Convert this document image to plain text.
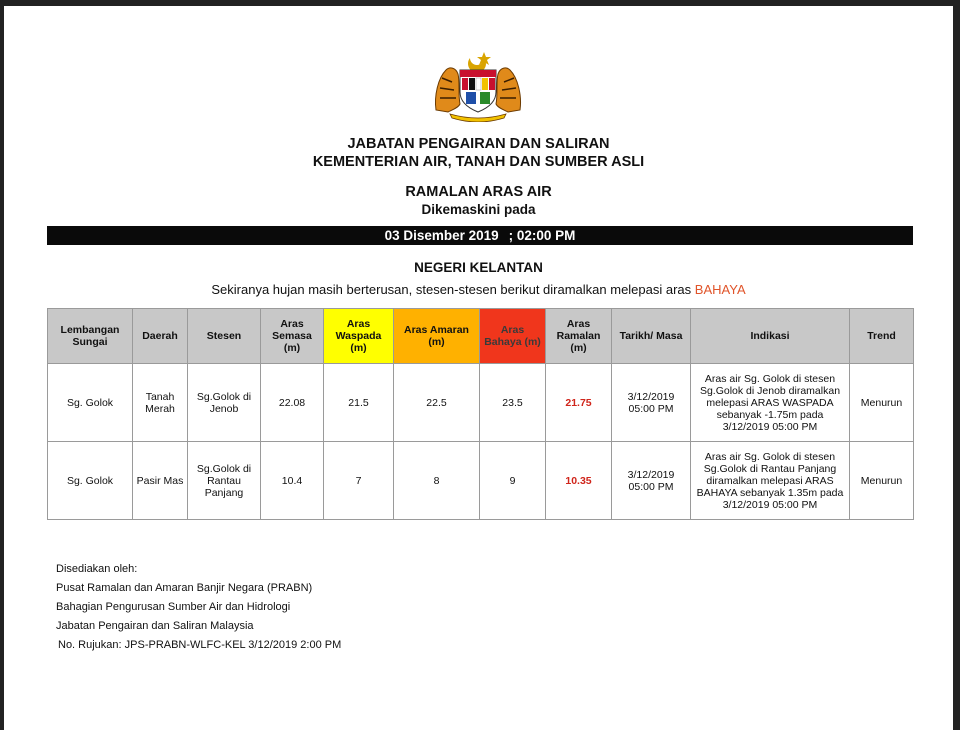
JABATAN PENGAIRAN DAN SALIRAN
KEMENTERIAN AIR, TANAH DAN SUMBER ASLI
RAMALAN ARAS AIR
Dikemaskini pada
03 Disember 2019 ; 02:00 PM
NEGERI KELANTAN
Sekiranya hujan masih berterusan, stesen-stesen berikut diramalkan melepasi aras BAHAYA
Lembangan Sungai	Daerah	Stesen	Aras Semasa (m)	Aras Waspada (m)	Aras Amaran (m)	Aras Bahaya (m)	Aras Ramalan (m)	Tarikh/ Masa	Indikasi	Trend
Sg. Golok	Tanah Merah	Sg.Golok di Jenob	22.08	21.5	22.5	23.5	21.75	3/12/2019 05:00 PM	Aras air Sg. Golok di stesen Sg.Golok di Jenob diramalkan melepasi ARAS WASPADA sebanyak -1.75m pada 3/12/2019 05:00 PM	Menurun
Sg. Golok	Pasir Mas	Sg.Golok di Rantau Panjang	10.4	7	8	9	10.35	3/12/2019 05:00 PM	Aras air Sg. Golok di stesen Sg.Golok di Rantau Panjang diramalkan melepasi ARAS BAHAYA sebanyak 1.35m pada 3/12/2019 05:00 PM	Menurun
Disediakan oleh:
Pusat Ramalan dan Amaran Banjir Negara (PRABN)
Bahagian Pengurusan Sumber Air dan Hidrologi
Jabatan Pengairan dan Saliran Malaysia
No. Rujukan: JPS-PRABN-WLFC-KEL 3/12/2019 2:00 PM
